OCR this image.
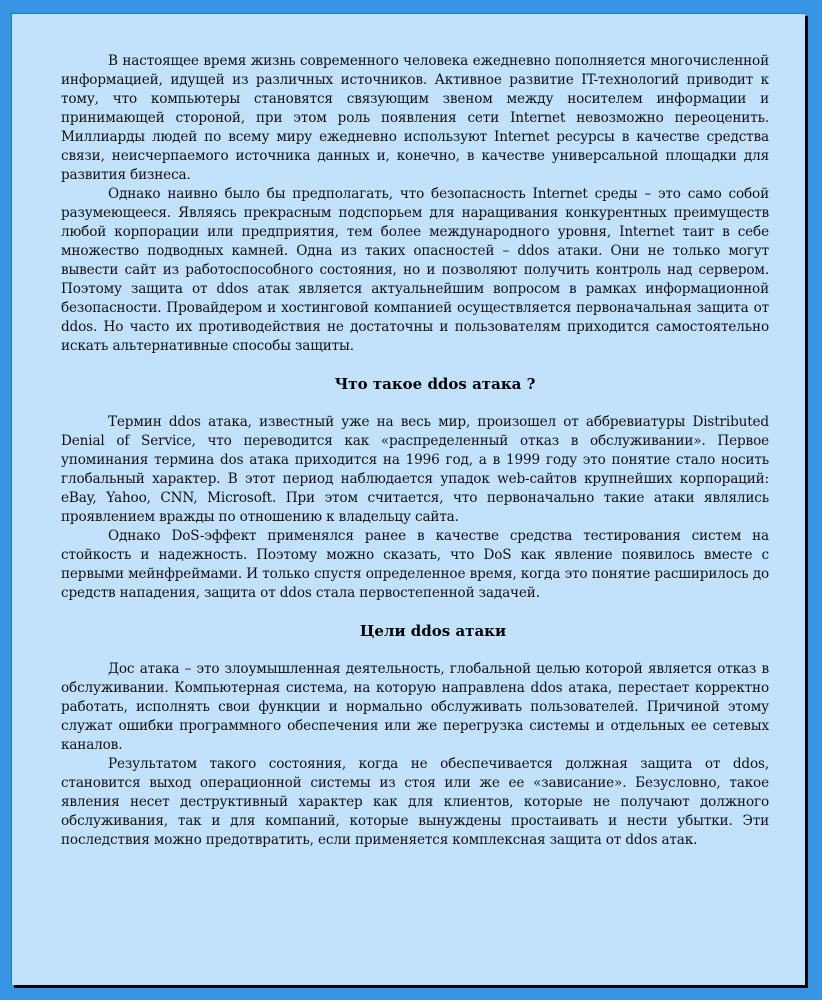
В настоящее время жизнь современного человека ежедневно пополняется многочисленной информацией, идущей из различных источников. Активное развитие IT-технологий приводит к тому, что компьютеры становятся связующим звеном между носителем информации и принимающей стороной, при этом роль появления сети Internet невозможно переоценить. Миллиарды людей по всему миру ежедневно используют Internet ресурсы в качестве средства связи, неисчерпаемого источника данных и, конечно, в качестве универсальной площадки для развития бизнеса.

Однако наивно было бы предполагать, что безопасность Internet среды – это само собой разумеющееся. Являясь прекрасным подспорьем для наращивания конкурентных преимуществ любой корпорации или предприятия, тем более международного уровня, Internet таит в себе множество подводных камней. Одна из таких опасностей – ddos атаки. Они не только могут вывести сайт из работоспособного состояния, но и позволяют получить контроль над сервером. Поэтому защита от ddos атак является актуальнейшим вопросом в рамках информационной безопасности. Провайдером и хостинговой компанией осуществляется первоначальная защита от ddos. Но часто их противодействия не достаточны и пользователям приходится самостоятельно искать альтернативные способы защиты.

Что такое ddos атака ?

Термин ddos атака, известный уже на весь мир, произошел от аббревиатуры Distributed Denial of Service, что переводится как «распределенный отказ в обслуживании». Первое упоминания термина dos атака приходится на 1996 год, а в 1999 году это понятие стало носить глобальный характер. В этот период наблюдается упадок web-сайтов крупнейших корпораций: eBay, Yahoo, CNN, Microsoft. При этом считается, что первоначально такие атаки являлись проявлением вражды по отношению к владельцу сайта.

Однако DoS-эффект применялся ранее в качестве средства тестирования систем на стойкость и надежность. Поэтому можно сказать, что DoS как явление появилось вместе с первыми мейнфреймами. И только спустя определенное время, когда это понятие расширилось до средств нападения, защита от ddos стала первостепенной задачей.

Цели ddos атаки

Дос атака – это злоумышленная деятельность, глобальной целью которой является отказ в обслуживании. Компьютерная система, на которую направлена ddos атака, перестает корректно работать, исполнять свои функции и нормально обслуживать пользователей. Причиной этому служат ошибки программного обеспечения или же перегрузка системы и отдельных ее сетевых каналов.

Результатом такого состояния, когда не обеспечивается должная защита от ddos, становится выход операционной системы из стоя или же ее «зависание». Безусловно, такое явления несет деструктивный характер как для клиентов, которые не получают должного обслуживания, так и для компаний, которые вынуждены простаивать и нести убытки. Эти последствия можно предотвратить, если применяется комплексная защита от ddos атак.
